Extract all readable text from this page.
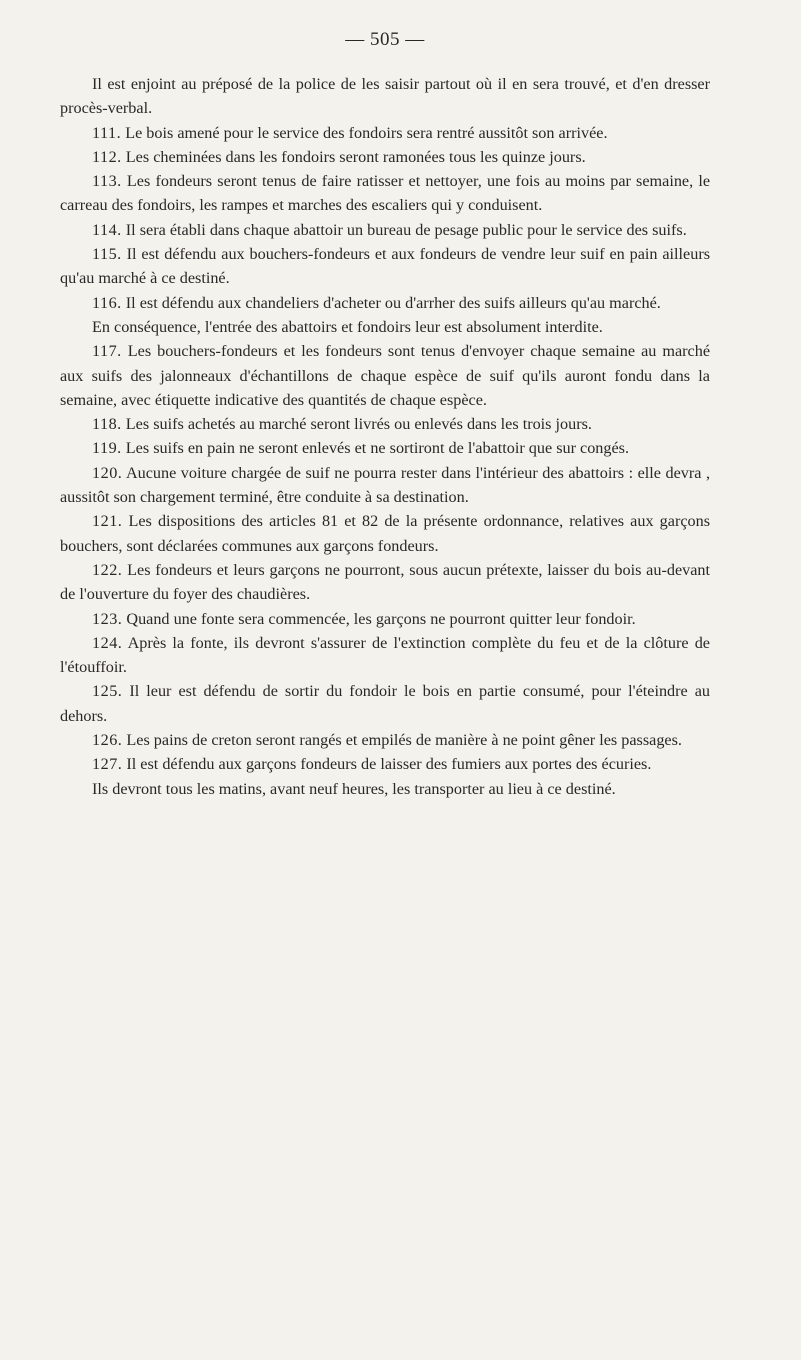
— 505 —

Il est enjoint au préposé de la police de les saisir partout où il en sera trouvé, et d'en dresser procès-verbal.

111. Le bois amené pour le service des fondoirs sera rentré aussitôt son arrivée.

112. Les cheminées dans les fondoirs seront ramonées tous les quinze jours.

113. Les fondeurs seront tenus de faire ratisser et nettoyer, une fois au moins par semaine, le carreau des fondoirs, les rampes et marches des escaliers qui y conduisent.

114. Il sera établi dans chaque abattoir un bureau de pesage public pour le service des suifs.

115. Il est défendu aux bouchers-fondeurs et aux fondeurs de vendre leur suif en pain ailleurs qu'au marché à ce destiné.

116. Il est défendu aux chandeliers d'acheter ou d'arrher des suifs ailleurs qu'au marché.

En conséquence, l'entrée des abattoirs et fondoirs leur est absolument interdite.

117. Les bouchers-fondeurs et les fondeurs sont tenus d'envoyer chaque semaine au marché aux suifs des jalonneaux d'échantillons de chaque espèce de suif qu'ils auront fondu dans la semaine, avec étiquette indicative des quantités de chaque espèce.

118. Les suifs achetés au marché seront livrés ou enlevés dans les trois jours.

119. Les suifs en pain ne seront enlevés et ne sortiront de l'abattoir que sur congés.

120. Aucune voiture chargée de suif ne pourra rester dans l'intérieur des abattoirs : elle devra , aussitôt son chargement terminé, être conduite à sa destination.

121. Les dispositions des articles 81 et 82 de la présente ordonnance, relatives aux garçons bouchers, sont déclarées communes aux garçons fondeurs.

122. Les fondeurs et leurs garçons ne pourront, sous aucun prétexte, laisser du bois au-devant de l'ouverture du foyer des chaudières.

123. Quand une fonte sera commencée, les garçons ne pourront quitter leur fondoir.

124. Après la fonte, ils devront s'assurer de l'extinction complète du feu et de la clôture de l'étouffoir.

125. Il leur est défendu de sortir du fondoir le bois en partie consumé, pour l'éteindre au dehors.

126. Les pains de creton seront rangés et empilés de manière à ne point gêner les passages.

127. Il est défendu aux garçons fondeurs de laisser des fumiers aux portes des écuries.

Ils devront tous les matins, avant neuf heures, les transporter au lieu à ce destiné.
